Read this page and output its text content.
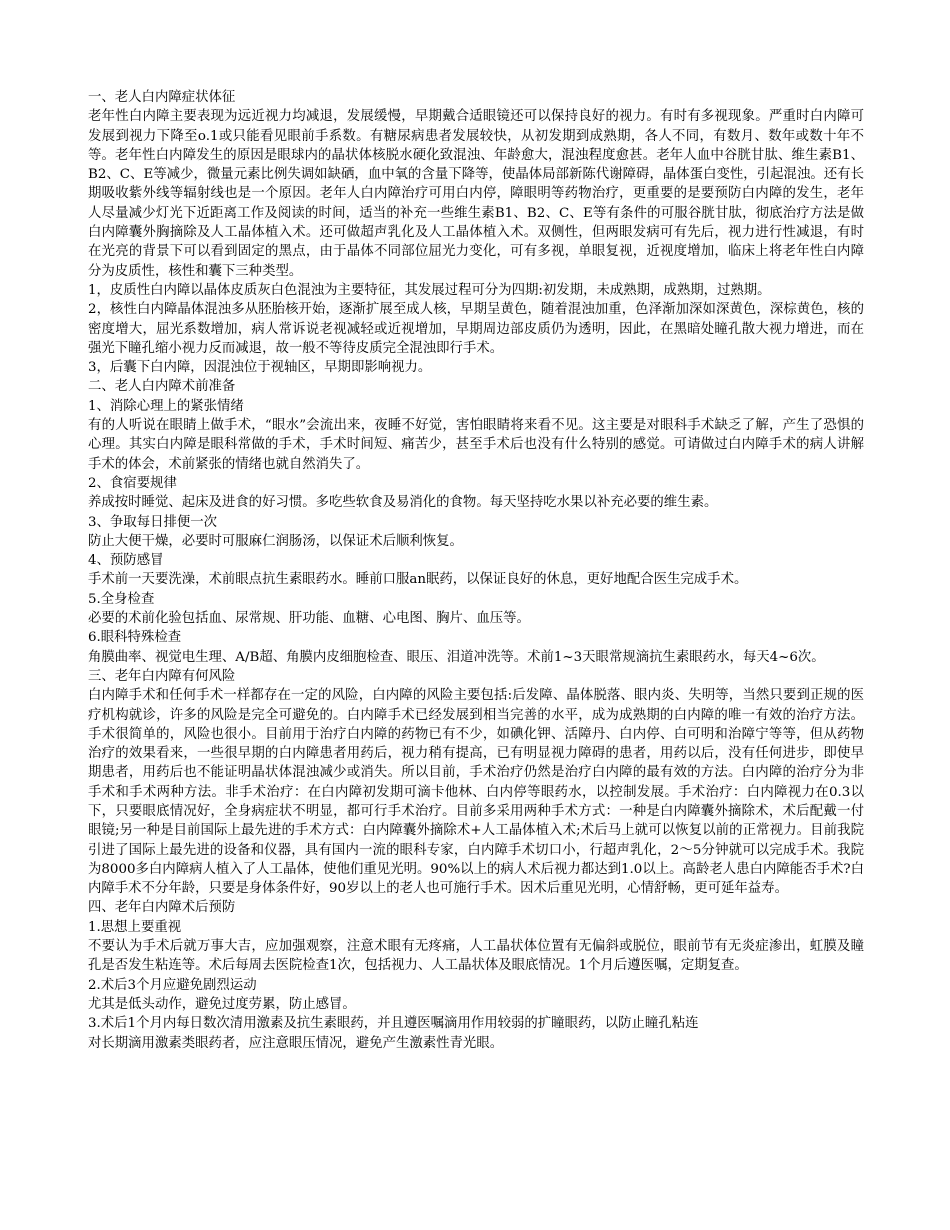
一、老人白内障症状体征

老年性白内障主要表现为远近视力均减退，发展缓慢，早期戴合适眼镜还可以保持良好的视力。有时有多视现象。严重时白内障可发展到视力下降至o.1或只能看见眼前手系数。有糖尿病患者发展较快，从初发期到成熟期，各人不同，有数月、数年或数十年不等。老年性白内障发生的原因是眼球内的晶状体核脱水硬化致混浊、年龄愈大，混浊程度愈甚。老年人血中谷胱甘肽、维生素B1、B2、C、E等减少，微量元素比例失调如缺硒，血中氧的含量下降等，使晶体局部新陈代谢障碍，晶体蛋白变性，引起混浊。还有长期吸收紫外线等辐射线也是一个原因。老年人白内障治疗可用白内停，障眼明等药物治疗，更重要的是要预防白内障的发生，老年人尽量减少灯光下近距离工作及阅读的时间，适当的补充一些维生素B1、B2、C、E等有条件的可服谷胱甘肽，彻底治疗方法是做白内障囊外胸摘除及人工晶体植入术。还可做超声乳化及人工晶体植入术。双侧性，但两眼发病可有先后，视力进行性减退，有时在光亮的背景下可以看到固定的黑点，由于晶体不同部位屈光力变化，可有多视，单眼复视，近视度增加，临床上将老年性白内障分为皮质性，核性和囊下三种类型。

1，皮质性白内障以晶体皮质灰白色混浊为主要特征，其发展过程可分为四期:初发期，未成熟期，成熟期，过熟期。

2，核性白内障晶体混浊多从胚胎核开始，逐渐扩展至成人核，早期呈黄色，随着混浊加重，色泽渐加深如深黄色，深棕黄色，核的密度增大，屈光系数增加，病人常诉说老视减轻或近视增加，早期周边部皮质仍为透明，因此，在黑暗处瞳孔散大视力增进，而在强光下瞳孔缩小视力反而减退，故一般不等待皮质完全混浊即行手术。

3，后囊下白内障，因混浊位于视轴区，早期即影响视力。

二、老人白内障术前准备

1、消除心理上的紧张情绪

有的人听说在眼睛上做手术，“眼水”会流出来，夜睡不好觉，害怕眼睛将来看不见。这主要是对眼科手术缺乏了解，产生了恐惧的心理。其实白内障是眼科常做的手术，手术时间短、痛苦少，甚至手术后也没有什么特别的感觉。可请做过白内障手术的病人讲解手术的体会，术前紧张的情绪也就自然消失了。

2、食宿要规律

养成按时睡觉、起床及进食的好习惯。多吃些软食及易消化的食物。每天坚持吃水果以补充必要的维生素。

3、争取每日排便一次

防止大便干燥，必要时可服麻仁润肠汤，以保证术后顺利恢复。

4、预防感冒

手术前一天要洗澡，术前眼点抗生素眼药水。睡前口服an眠药，以保证良好的休息，更好地配合医生完成手术。

5.全身检查

必要的术前化验包括血、尿常规、肝功能、血糖、心电图、胸片、血压等。

6.眼科特殊检查

角膜曲率、视觉电生理、A/B超、角膜内皮细胞检查、眼压、泪道冲洗等。术前1~3天眼常规滴抗生素眼药水，每天4~6次。

三、老年白内障有何风险

白内障手术和任何手术一样都存在一定的风险，白内障的风险主要包括:后发障、晶体脱落、眼内炎、失明等，当然只要到正规的医疗机构就诊，许多的风险是完全可避免的。白内障手术已经发展到相当完善的水平，成为成熟期的白内障的唯一有效的治疗方法。手术很简单的，风险也很小。目前用于治疗白内障的药物已有不少，如碘化钾、活障丹、白内停、白可明和治障宁等等，但从药物治疗的效果看来，一些很早期的白内障患者用药后，视力稍有提高，已有明显视力障碍的患者，用药以后，没有任何进步，即使早期患者，用药后也不能证明晶状体混浊减少或消失。所以目前，手术治疗仍然是治疗白内障的最有效的方法。白内障的治疗分为非手术和手术两种方法。非手术治疗：在白内障初发期可滴卡他林、白内停等眼药水，以控制发展。手术治疗：白内障视力在0.3以下，只要眼底情况好，全身病症状不明显，都可行手术治疗。目前多采用两种手术方式：一种是白内障囊外摘除术，术后配戴一付眼镜;另一种是目前国际上最先进的手术方式：白内障囊外摘除术+人工晶体植入术;术后马上就可以恢复以前的正常视力。目前我院引进了国际上最先进的设备和仪器，具有国内一流的眼科专家，白内障手术切口小，行超声乳化，2～5分钟就可以完成手术。我院为8000多白内障病人植入了人工晶体，使他们重见光明。90%以上的病人术后视力都达到1.0以上。高龄老人患白内障能否手术?白内障手术不分年龄，只要是身体条件好，90岁以上的老人也可施行手术。因术后重见光明，心情舒畅，更可延年益寿。

四、老年白内障术后预防

1.思想上要重视

不要认为手术后就万事大吉，应加强观察，注意术眼有无疼痛，人工晶状体位置有无偏斜或脱位，眼前节有无炎症渗出，虹膜及瞳孔是否发生粘连等。术后每周去医院检查1次，包括视力、人工晶状体及眼底情况。1个月后遵医嘱，定期复查。

2.术后3个月应避免剧烈运动

尤其是低头动作，避免过度劳累，防止感冒。

3.术后1个月内每日数次清用激素及抗生素眼药，并且遵医嘱滴用作用较弱的扩瞳眼药，以防止瞳孔粘连

对长期滴用激素类眼药者，应注意眼压情况，避免产生激素性青光眼。
